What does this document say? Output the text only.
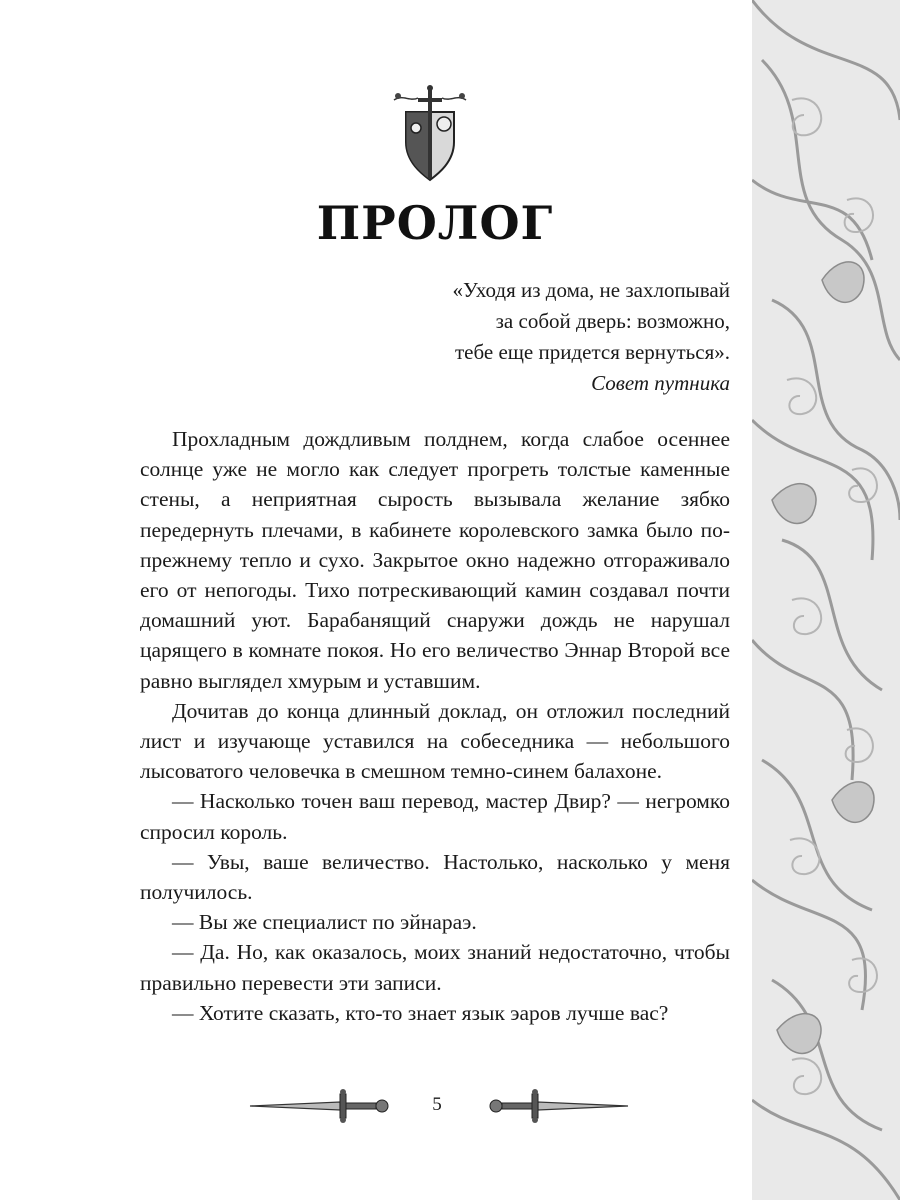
ПРОЛОГ
«Уходя из дома, не захлопывай
за собой дверь: возможно,
тебе еще придется вернуться».
Совет путника

Прохладным дождливым полднем, когда слабое осеннее солнце уже не могло как следует прогреть толстые каменные стены, а неприятная сырость вызывала желание зябко передернуть плечами, в кабинете королевского замка было по-прежнему тепло и сухо. Закрытое окно надежно отгораживало его от непогоды. Тихо потрескивающий камин создавал почти домашний уют. Барабанящий снаружи дождь не нарушал царящего в комнате покоя. Но его величество Эннар Второй все равно выглядел хмурым и уставшим.

Дочитав до конца длинный доклад, он отложил последний лист и изучающе уставился на собеседника — небольшого лысоватого человечка в смешном темно-синем балахоне.

— Насколько точен ваш перевод, мастер Двир? — негромко спросил король.

— Увы, ваше величество. Настолько, насколько у меня получилось.

— Вы же специалист по эйнараэ.

— Да. Но, как оказалось, моих знаний недостаточно, чтобы правильно перевести эти записи.

— Хотите сказать, кто-то знает язык эаров лучше вас?

5
